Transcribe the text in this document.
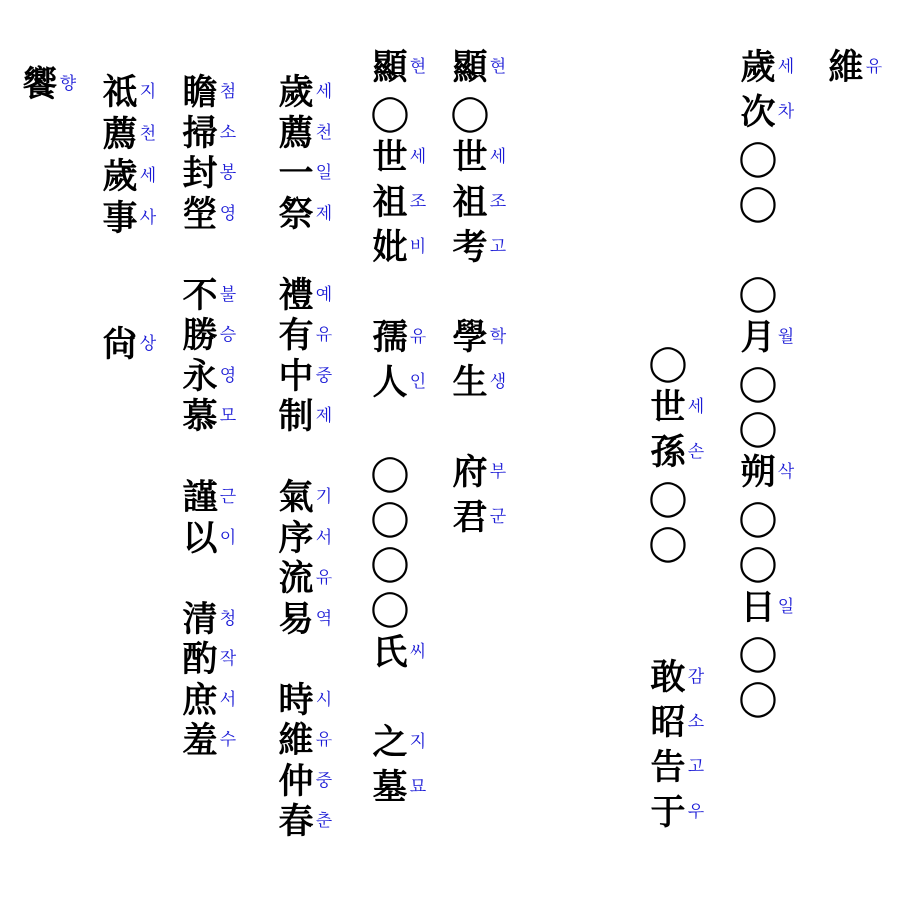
維 유
歲 세
次 차
◯
◯
◯
月 월
◯
◯
朔 삭
◯
◯
日 일
◯
◯
◯
世 세
孫 손
◯
◯
敢 감
昭 소
告 고
于 우
顯 현
◯
世 세
祖 조
考 고
學 학
生 생
府 부
君 군
顯 현
◯
世 세
祖 조
妣 비
孺 유
人 인
◯
◯
◯
◯
氏 씨
之 지
墓 묘
歲 세
薦 천
一 일
祭 제
禮 예
有 유
中 중
制 제
氣 기
序 서
流 유
易 역
時 시
維 유
仲 중
春 춘
瞻 첨
掃 소
封 봉
塋 영
不 불
勝 승
永 영
慕 모
謹 근
以 이
清 청
酌 작
庶 서
羞 수
祗 지
薦 천
歲 세
事 사
尙 상
饗 향
